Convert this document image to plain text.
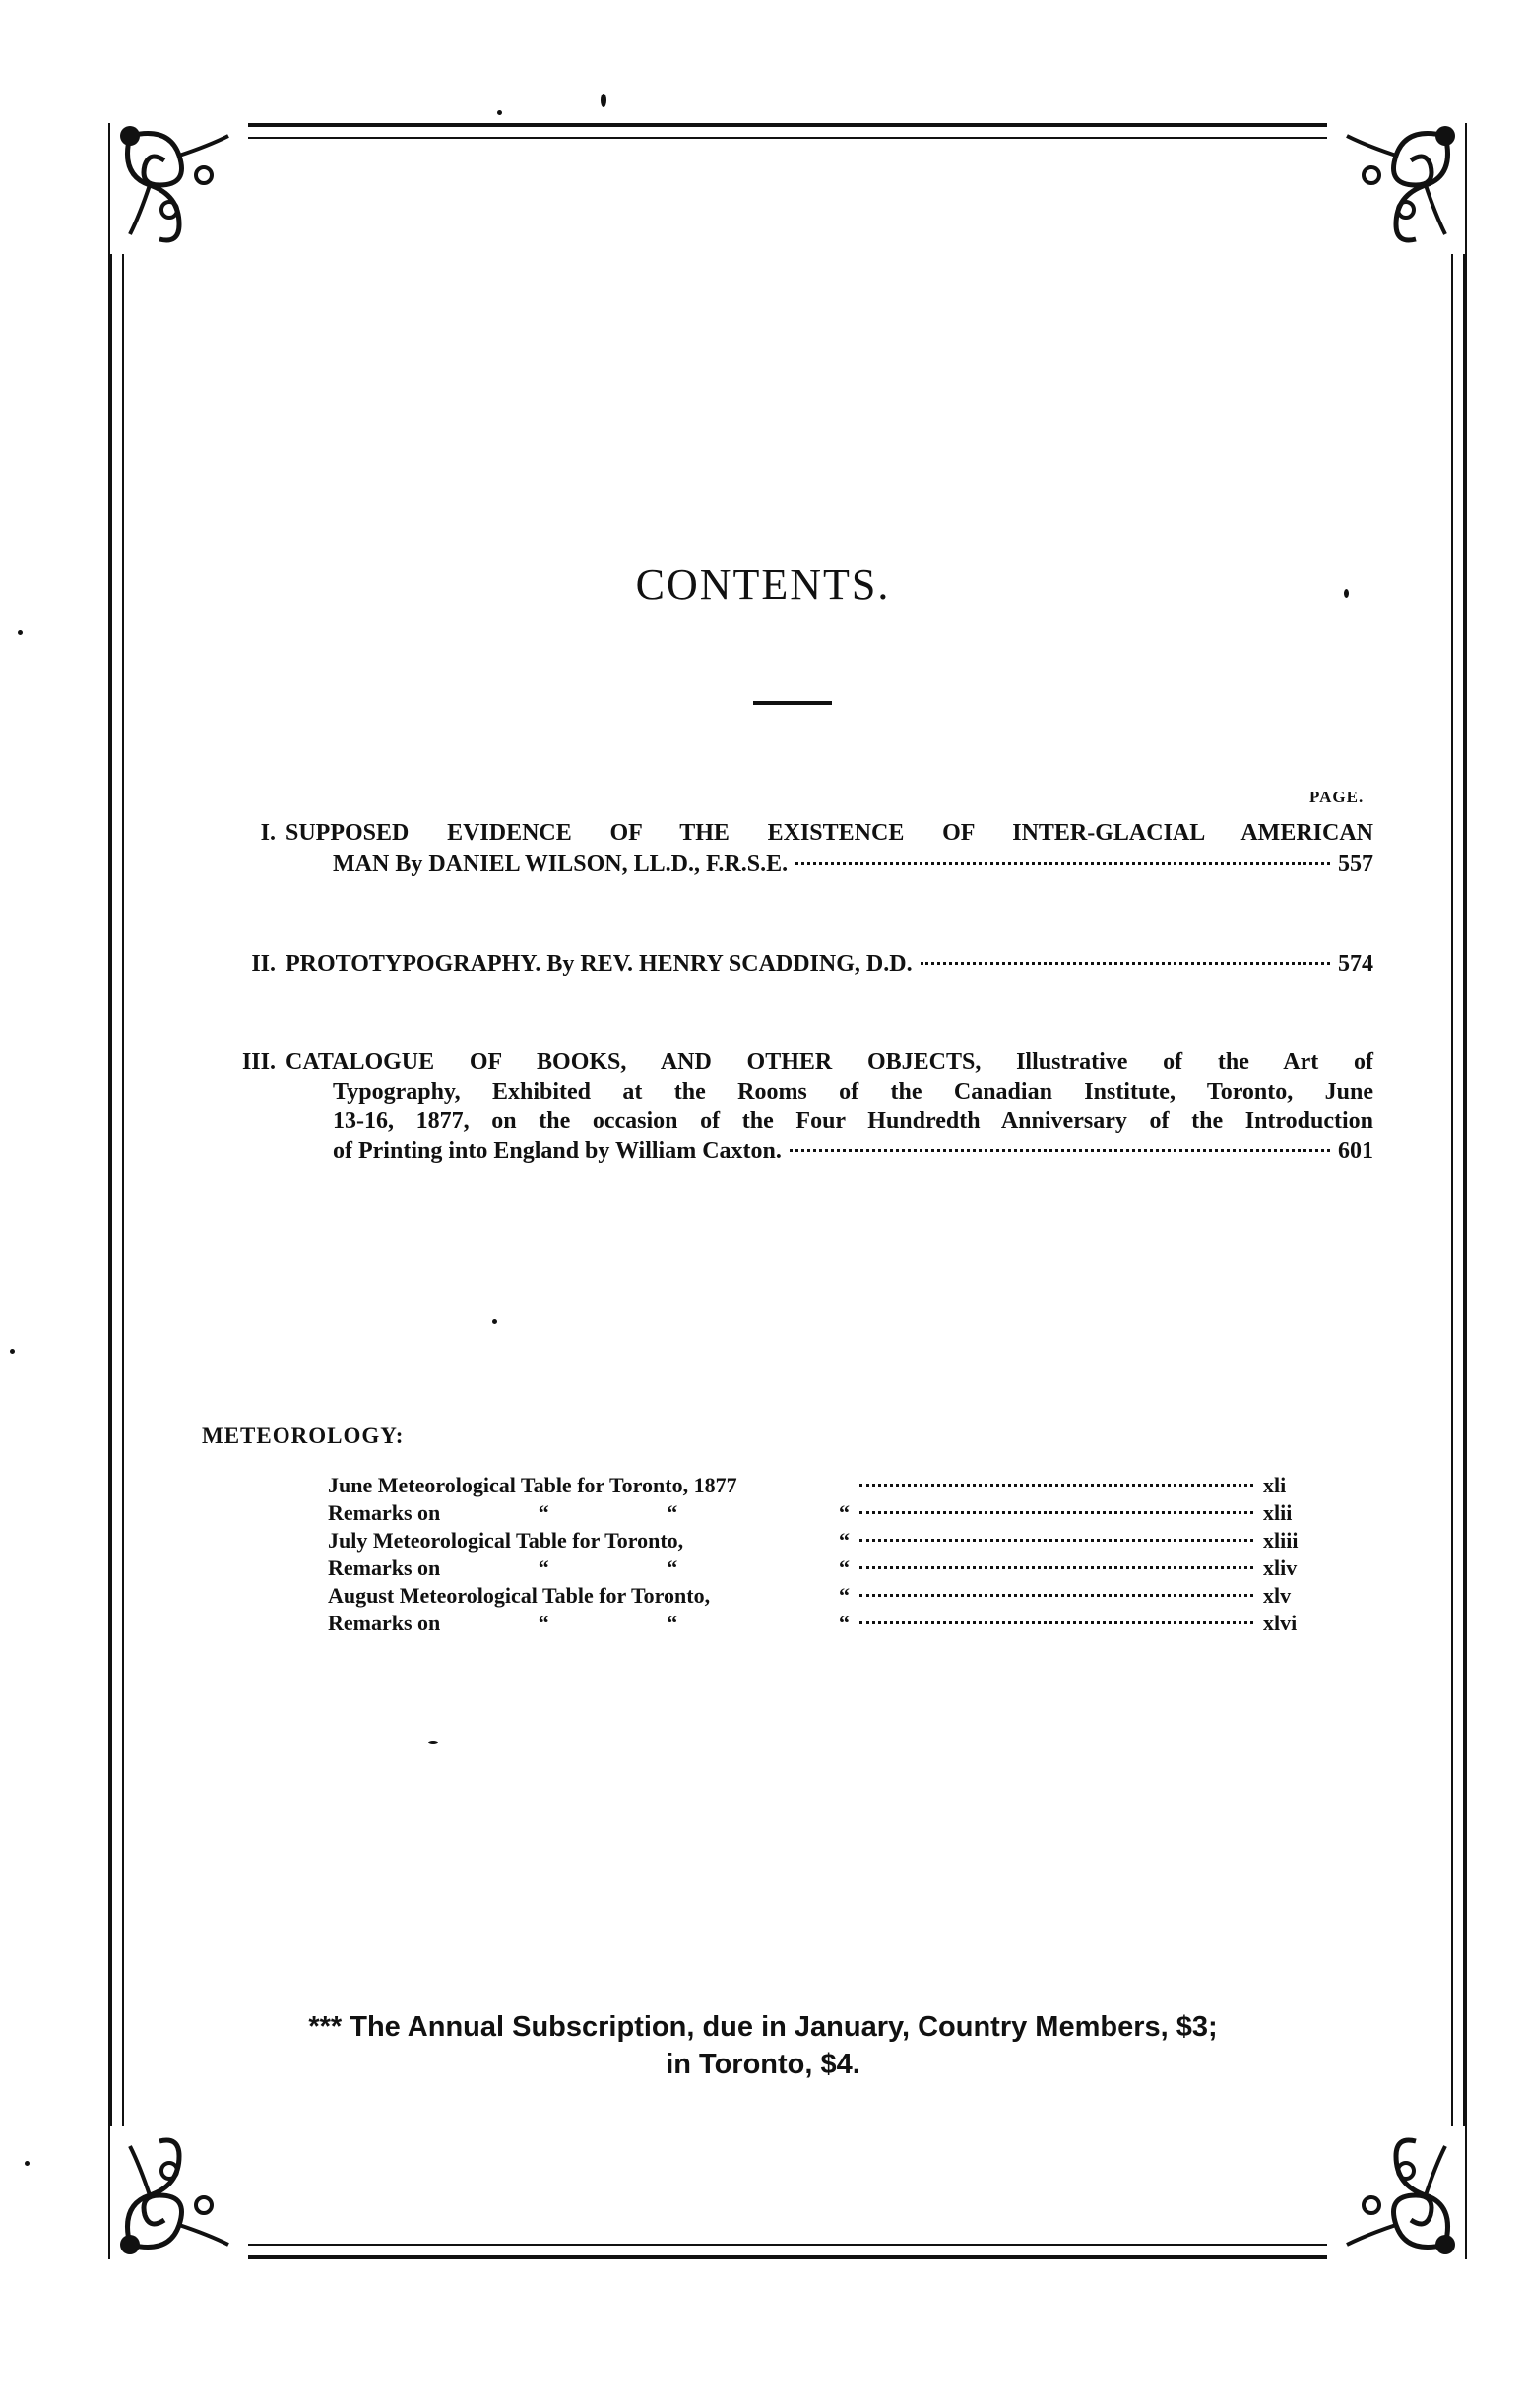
CONTENTS.
PAGE.
I. SUPPOSED EVIDENCE OF THE EXISTENCE OF INTER-GLACIAL AMERICAN
MAN By DANIEL WILSON, LL.D., F.R.S.E.	557
II. PROTOTYPOGRAPHY. By REV. HENRY SCADDING, D.D.	574
III. CATALOGUE OF BOOKS, AND OTHER OBJECTS, Illustrative of the Art of
Typography, Exhibited at the Rooms of the Canadian Institute, Toronto, June
13-16, 1877, on the occasion of the Four Hundredth Anniversary of the Introduction
of Printing into England by William Caxton.	601
METEOROLOGY:
June Meteorological Table for Toronto, 1877	xli
Remarks on	“	“	“	xlii
July Meteorological Table for Toronto,	“	xliii
Remarks on	“	“	“	xliv
August Meteorological Table for Toronto,	“	xlv
Remarks on	“	“	“	xlvi
*** The Annual Subscription, due in January, Country Members, $3;
in Toronto, $4.
